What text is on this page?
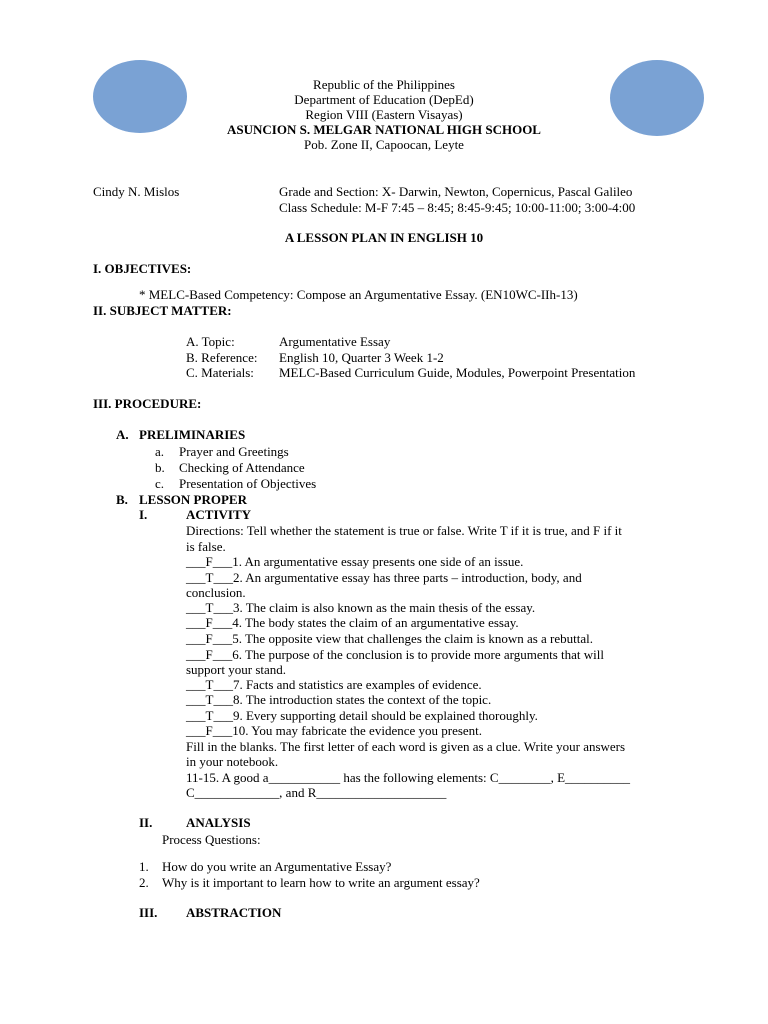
Republic of the Philippines
Department of Education (DepEd)
Region VIII (Eastern Visayas)
ASUNCION S. MELGAR NATIONAL HIGH SCHOOL
Pob. Zone II, Capoocan, Leyte
Cindy N. Mislos	Grade and Section: X- Darwin, Newton, Copernicus, Pascal Galileo
Class Schedule: M-F 7:45 – 8:45; 8:45-9:45; 10:00-11:00; 3:00-4:00
A LESSON PLAN IN ENGLISH 10
I. OBJECTIVES:
* MELC-Based Competency: Compose an Argumentative Essay. (EN10WC-IIh-13)
II. SUBJECT MATTER:
A. Topic:	Argumentative Essay
B. Reference: English 10, Quarter 3 Week 1-2
C. Materials: MELC-Based Curriculum Guide, Modules, Powerpoint Presentation
III. PROCEDURE:
A. PRELIMINARIES
a. Prayer and Greetings
b. Checking of Attendance
c. Presentation of Objectives
B. LESSON PROPER
I.	ACTIVITY
Directions: Tell whether the statement is true or false. Write T if it is true, and F if it
is false.
___F___1. An argumentative essay presents one side of an issue.
___T___2. An argumentative essay has three parts – introduction, body, and
conclusion.
___T___3. The claim is also known as the main thesis of the essay.
___F___4. The body states the claim of an argumentative essay.
___F___5. The opposite view that challenges the claim is known as a rebuttal.
___F___6. The purpose of the conclusion is to provide more arguments that will
support your stand.
___T___7. Facts and statistics are examples of evidence.
___T___8. The introduction states the context of the topic.
___T___9. Every supporting detail should be explained thoroughly.
___F___10. You may fabricate the evidence you present.
Fill in the blanks. The first letter of each word is given as a clue. Write your answers
in your notebook.
11-15. A good a___________ has the following elements: C________, E__________
C_____________, and R____________________
II.	ANALYSIS
Process Questions:
1. How do you write an Argumentative Essay?
2. Why is it important to learn how to write an argument essay?
III. ABSTRACTION
